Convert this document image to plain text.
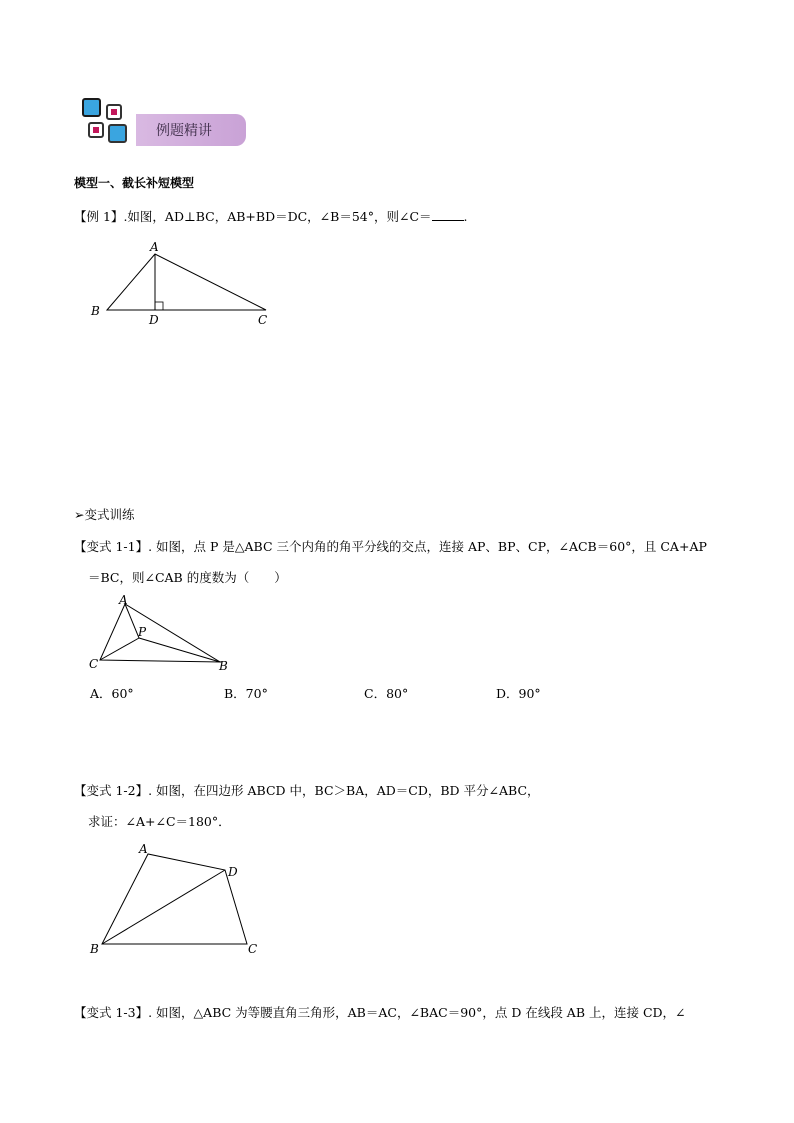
例题精讲
模型一、截长补短模型
【例 1】.如图，AD⊥BC，AB+BD＝DC，∠B＝54°，则∠C＝	.
A
B
D	C
➢变式训练
【变式 1-1】. 如图，点 P 是△ABC 三个内角的角平分线的交点，连接 AP、BP、CP，∠ACB＝60°，且 CA+AP
＝BC，则∠CAB 的度数为（　　）
A
P
C	B
A．60°	B．70°	C．80°	D．90°
【变式 1-2】. 如图，在四边形 ABCD 中，BC＞BA，AD＝CD，BD 平分∠ABC，
求证：∠A+∠C＝180°．
A
D
B	C
【变式 1-3】. 如图，△ABC 为等腰直角三角形，AB＝AC，∠BAC＝90°，点 D 在线段 AB 上，连接 CD，∠
